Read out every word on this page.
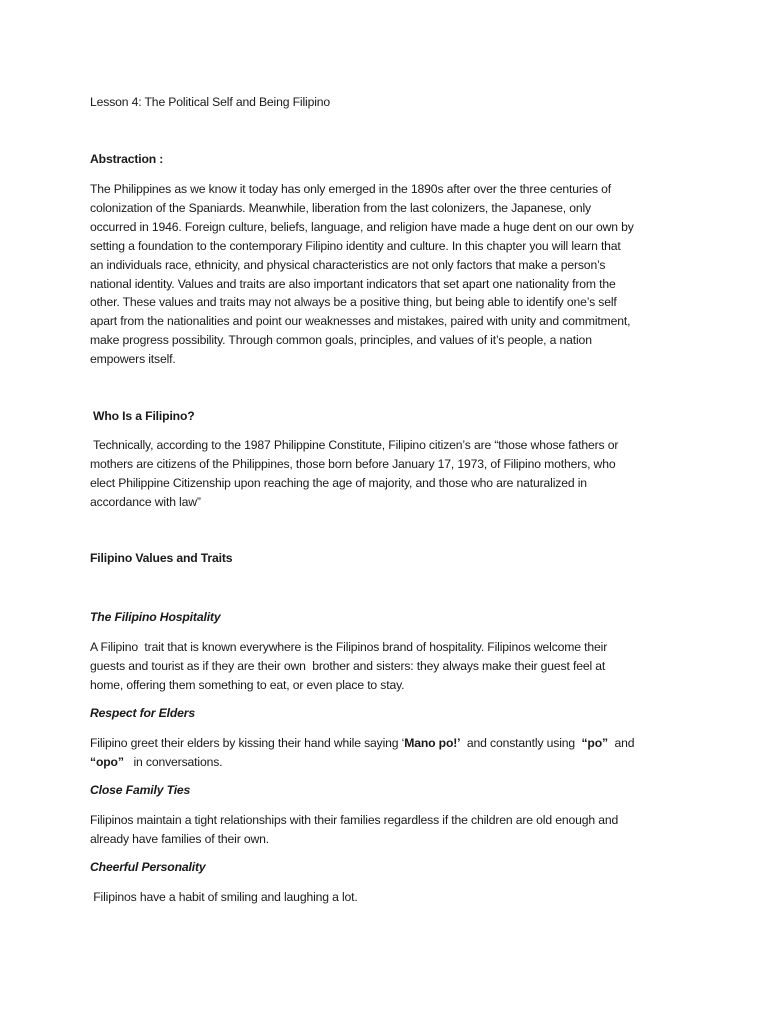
Lesson 4: The Political Self and Being Filipino
Abstraction :
The Philippines as we know it today has only emerged in the 1890s after over the three centuries of
colonization of the Spaniards. Meanwhile, liberation from the last colonizers, the Japanese, only
occurred in 1946. Foreign culture, beliefs, language, and religion have made a huge dent on our own by
setting a foundation to the contemporary Filipino identity and culture. In this chapter you will learn that
an individuals race, ethnicity, and physical characteristics are not only factors that make a person’s
national identity. Values and traits are also important indicators that set apart one nationality from the
other. These values and traits may not always be a positive thing, but being able to identify one’s self
apart from the nationalities and point our weaknesses and mistakes, paired with unity and commitment,
make progress possibility. Through common goals, principles, and values of it’s people, a nation
empowers itself.
Who Is a Filipino?
Technically, according to the 1987 Philippine Constitute, Filipino citizen’s are “those whose fathers or
mothers are citizens of the Philippines, those born before January 17, 1973, of Filipino mothers, who
elect Philippine Citizenship upon reaching the age of majority, and those who are naturalized in
accordance with law”
Filipino Values and Traits
The Filipino Hospitality
A Filipino  trait that is known everywhere is the Filipinos brand of hospitality. Filipinos welcome their
guests and tourist as if they are their own  brother and sisters: they always make their guest feel at
home, offering them something to eat, or even place to stay.
Respect for Elders
Filipino greet their elders by kissing their hand while saying ‘Mano po!’  and constantly using  “po”  and
“opo”   in conversations.
Close Family Ties
Filipinos maintain a tight relationships with their families regardless if the children are old enough and
already have families of their own.
Cheerful Personality
Filipinos have a habit of smiling and laughing a lot.
